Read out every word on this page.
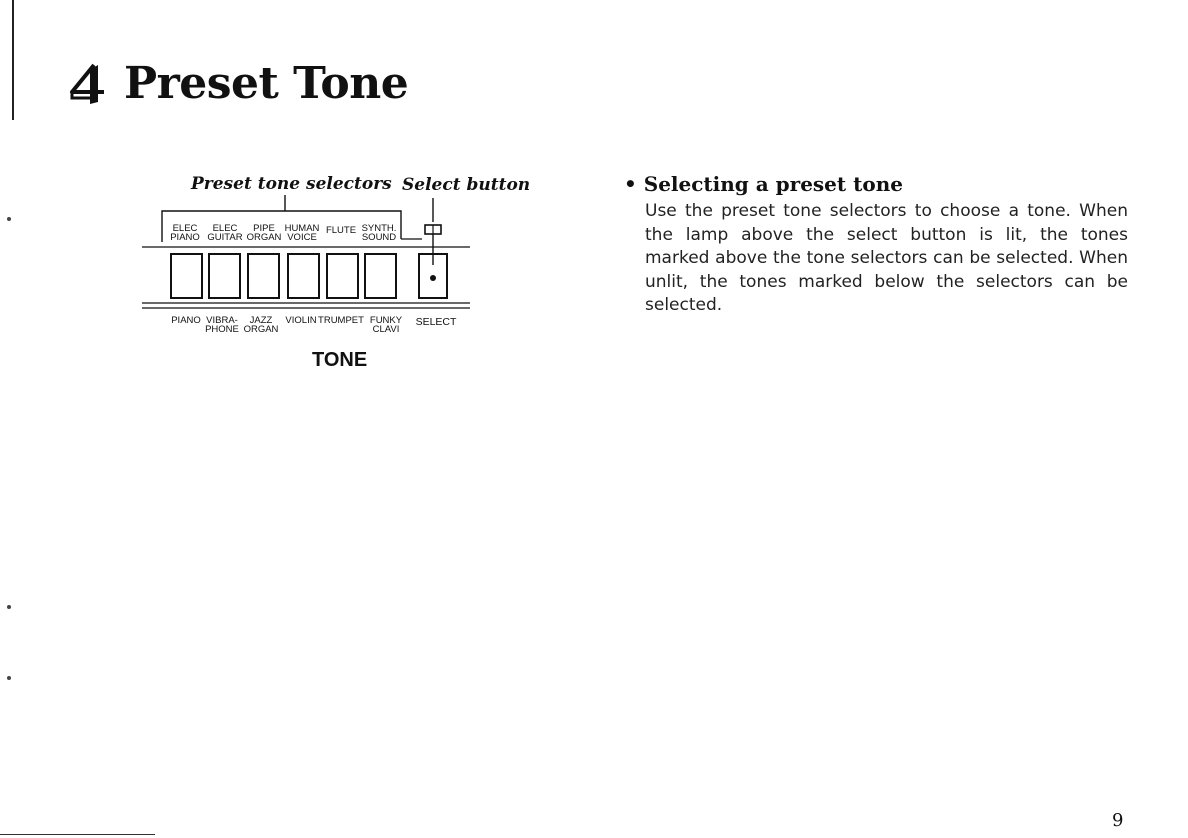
Preset Tone
Preset tone selectors Select button
ELEC
PIANO
ELEC
GUITAR
PIPE
ORGAN
HUMAN
VOICE
FLUTE SYNTH.
SOUND
PIANO VIBRA-
PHONE
JAZZ
ORGAN
VIOLIN TRUMPET FUNKY
CLAVI
SELECT
TONE
• Selecting a preset tone
Use the preset tone selectors to choose a tone. When the lamp above the select button is lit, the tones marked above the tone selectors can be selected. When unlit, the tones marked below the selectors can be selected.
9
